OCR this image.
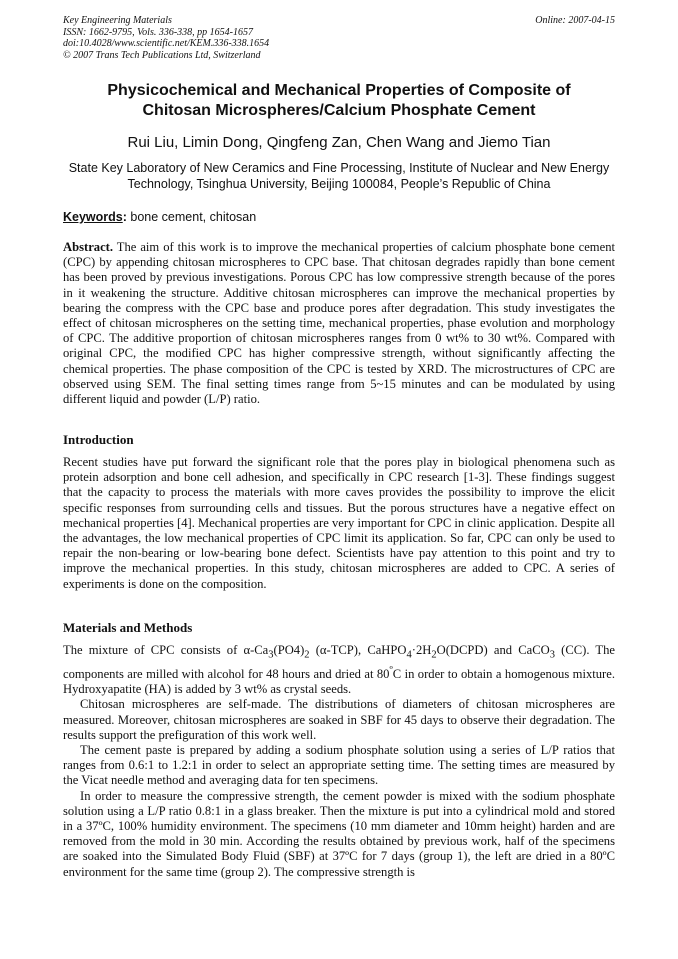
Key Engineering Materials
ISSN: 1662-9795, Vols. 336-338, pp 1654-1657
doi:10.4028/www.scientific.net/KEM.336-338.1654
© 2007 Trans Tech Publications Ltd, Switzerland
Online: 2007-04-15
Physicochemical and Mechanical Properties of Composite of
Chitosan Microspheres/Calcium Phosphate Cement
Rui Liu, Limin Dong, Qingfeng Zan, Chen Wang and Jiemo Tian
State Key Laboratory of New Ceramics and Fine Processing, Institute of Nuclear and New Energy
Technology, Tsinghua University, Beijing 100084, People’s Republic of China
Keywords: bone cement, chitosan

Abstract. The aim of this work is to improve the mechanical properties of calcium phosphate bone cement (CPC) by appending chitosan microspheres to CPC base. That chitosan degrades rapidly than bone cement has been proved by previous investigations. Porous CPC has low compressive strength because of the pores in it weakening the structure. Additive chitosan microspheres can improve the mechanical properties by bearing the compress with the CPC base and produce pores after degradation. This study investigates the effect of chitosan microspheres on the setting time, mechanical properties, phase evolution and morphology of CPC. The additive proportion of chitosan microspheres ranges from 0 wt% to 30 wt%. Compared with original CPC, the modified CPC has higher compressive strength, without significantly affecting the chemical properties. The phase composition of the CPC is tested by XRD. The microstructures of CPC are observed using SEM. The final setting times range from 5~15 minutes and can be modulated by using different liquid and powder (L/P) ratio.

Introduction

Recent studies have put forward the significant role that the pores play in biological phenomena such as protein adsorption and bone cell adhesion, and specifically in CPC research [1-3]. These findings suggest that the capacity to process the materials with more caves provides the possibility to improve the elicit specific responses from surrounding cells and tissues. But the porous structures have a negative effect on mechanical properties [4]. Mechanical properties are very important for CPC in clinic application. Despite all the advantages, the low mechanical properties of CPC limit its application. So far, CPC can only be used to repair the non-bearing or low-bearing bone defect. Scientists have pay attention to this point and try to improve the mechanical properties. In this study, chitosan microspheres are added to CPC. A series of experiments is done on the composition.

Materials and Methods

The mixture of CPC consists of $\alpha-Ca_3(PO4)_2$ (α-TCP), $CaHPO_4\cdot 2H_2O(DCPD)$ and CaCO$_3$ (CC). The components are milled with alcohol for 48 hours and dried at $80^ºC$ in order to obtain a homogenous mixture. Hydroxyapatite (HA) is added by 3 wt% as crystal seeds.

Chitosan microspheres are self-made. The distributions of diameters of chitosan microspheres are measured. Moreover, chitosan microspheres are soaked in SBF for 45 days to observe their degradation. The results support the prefiguration of this work well.

The cement paste is prepared by adding a sodium phosphate solution using a series of L/P ratios that ranges from 0.6:1 to 1.2:1 in order to select an appropriate setting time. The setting times are measured by the Vicat needle method and averaging data for ten specimens.

In order to measure the compressive strength, the cement powder is mixed with the sodium phosphate solution using a L/P ratio 0.8:1 in a glass breaker. Then the mixture is put into a cylindrical mold and stored in a 37ºC, 100% humidity environment. The specimens (10 mm diameter and 10mm height) harden and are removed from the mold in 30 min. According the results obtained by previous work, half of the specimens are soaked into the Simulated Body Fluid (SBF) at 37ºC for 7 days (group 1), the left are dried in a 80ºC environment for the same time (group 2). The compressive strength is
